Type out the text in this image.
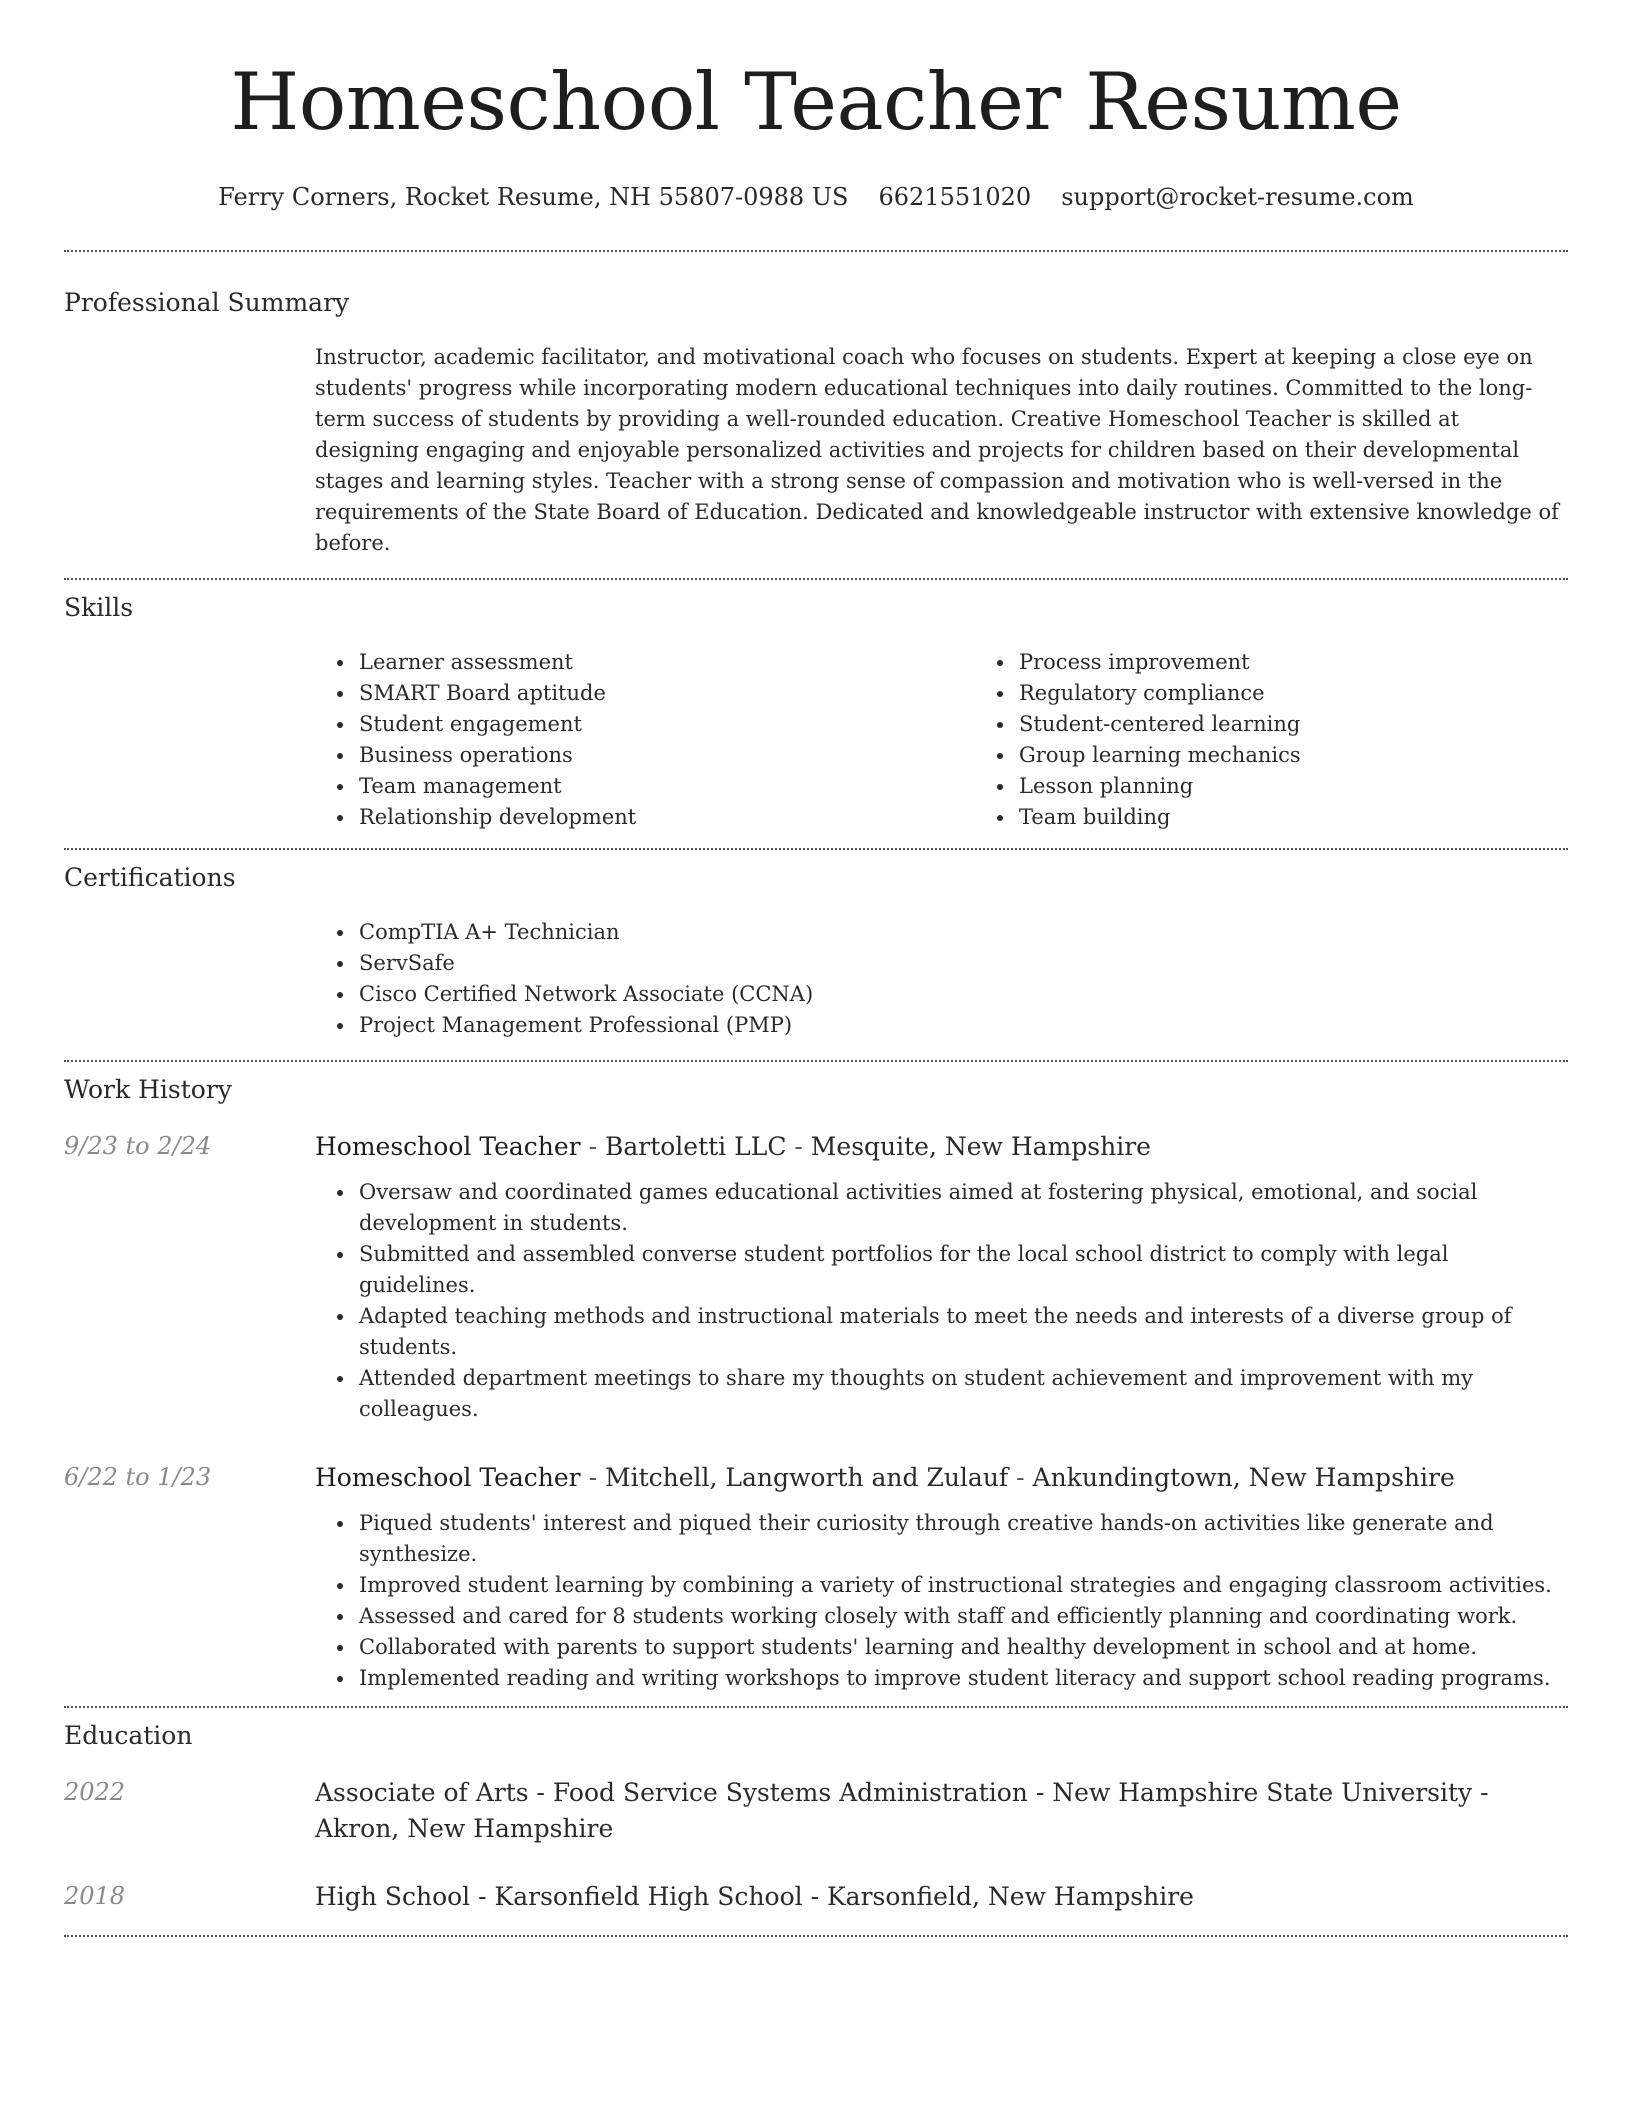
Homeschool Teacher Resume
Ferry Corners, Rocket Resume, NH 55807-0988 US 6621551020 support@rocket-resume.com
Professional Summary

Instructor, academic facilitator, and motivational coach who focuses on students. Expert at keeping a close eye on students' progress while incorporating modern educational techniques into daily routines. Committed to the long-term success of students by providing a well-rounded education. Creative Homeschool Teacher is skilled at designing engaging and enjoyable personalized activities and projects for children based on their developmental stages and learning styles. Teacher with a strong sense of compassion and motivation who is well-versed in the requirements of the State Board of Education. Dedicated and knowledgeable instructor with extensive knowledge of before.

Skills
Learner assessment
SMART Board aptitude
Student engagement
Business operations
Team management
Relationship development
Process improvement
Regulatory compliance
Student-centered learning
Group learning mechanics
Lesson planning
Team building
Certifications
CompTIA A+ Technician
ServSafe
Cisco Certified Network Associate (CCNA)
Project Management Professional (PMP)
Work History
9/23 to 2/24	Homeschool Teacher - Bartoletti LLC - Mesquite, New Hampshire
Oversaw and coordinated games educational activities aimed at fostering physical, emotional, and social development in students.
Submitted and assembled converse student portfolios for the local school district to comply with legal guidelines.
Adapted teaching methods and instructional materials to meet the needs and interests of a diverse group of students.
Attended department meetings to share my thoughts on student achievement and improvement with my colleagues.
6/22 to 1/23	Homeschool Teacher - Mitchell, Langworth and Zulauf - Ankundingtown, New Hampshire
Piqued students' interest and piqued their curiosity through creative hands-on activities like generate and synthesize.
Improved student learning by combining a variety of instructional strategies and engaging classroom activities.
Assessed and cared for 8 students working closely with staff and efficiently planning and coordinating work.
Collaborated with parents to support students' learning and healthy development in school and at home.
Implemented reading and writing workshops to improve student literacy and support school reading programs.
Education
2022	Associate of Arts - Food Service Systems Administration - New Hampshire State University - Akron, New Hampshire
2018	High School - Karsonfield High School - Karsonfield, New Hampshire
